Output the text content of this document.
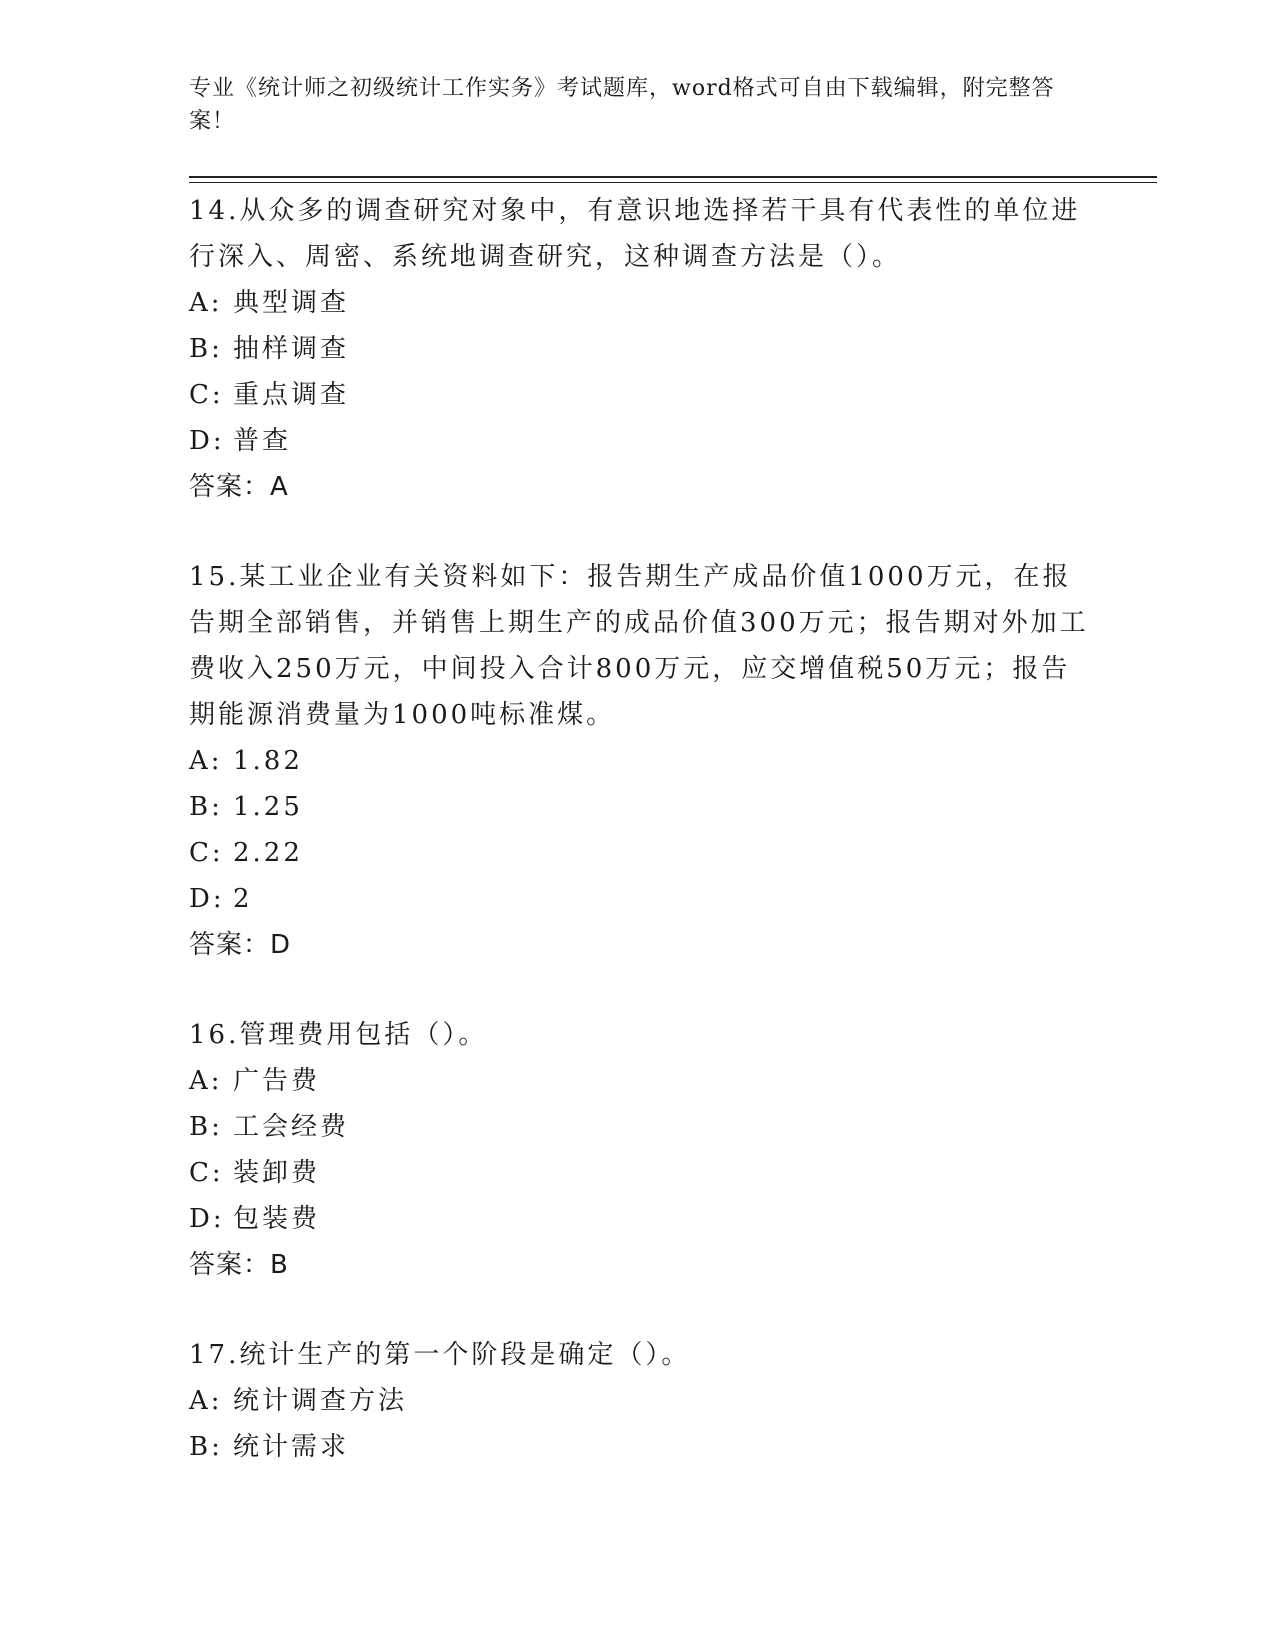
专业《统计师之初级统计工作实务》考试题库，word格式可自由下载编辑，附完整答案！

14.从众多的调查研究对象中，有意识地选择若干具有代表性的单位进行深入、周密、系统地调查研究，这种调查方法是（）。

A: 典型调查
B: 抽样调查
C: 重点调查
D: 普查

答案：A

15.某工业企业有关资料如下：报告期生产成品价值1000万元，在报告期全部销售，并销售上期生产的成品价值300万元；报告期对外加工费收入250万元，中间投入合计800万元，应交增值税50万元；报告期能源消费量为1000吨标准煤。

A: 1.82
B: 1.25
C: 2.22
D: 2

答案：D

16.管理费用包括（）。

A: 广告费
B: 工会经费
C: 装卸费
D: 包装费

答案：B

17.统计生产的第一个阶段是确定（）。

A: 统计调查方法
B: 统计需求
